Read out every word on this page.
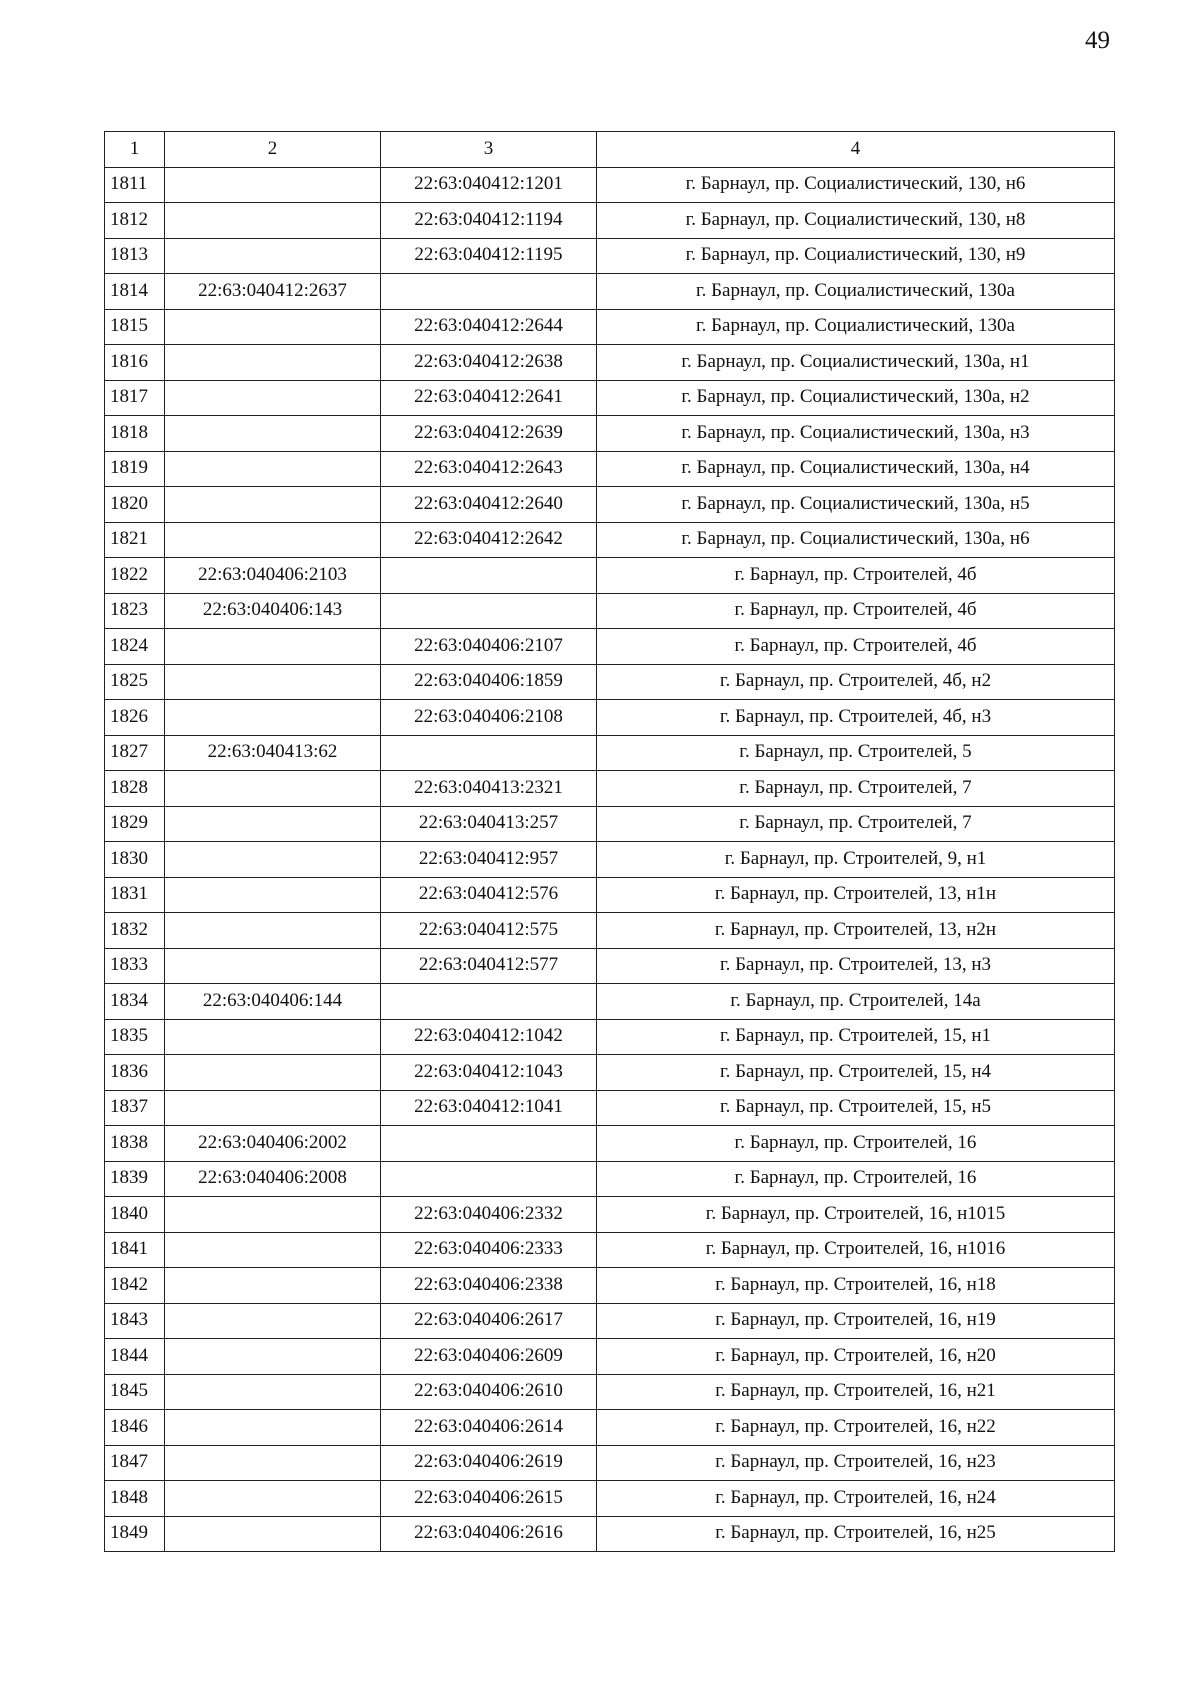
49
1	2	3	4
1811		22:63:040412:1201	г. Барнаул, пр. Социалистический, 130, н6
1812		22:63:040412:1194	г. Барнаул, пр. Социалистический, 130, н8
1813		22:63:040412:1195	г. Барнаул, пр. Социалистический, 130, н9
1814	22:63:040412:2637		г. Барнаул, пр. Социалистический, 130а
1815		22:63:040412:2644	г. Барнаул, пр. Социалистический, 130а
1816		22:63:040412:2638	г. Барнаул, пр. Социалистический, 130а, н1
1817		22:63:040412:2641	г. Барнаул, пр. Социалистический, 130а, н2
1818		22:63:040412:2639	г. Барнаул, пр. Социалистический, 130а, н3
1819		22:63:040412:2643	г. Барнаул, пр. Социалистический, 130а, н4
1820		22:63:040412:2640	г. Барнаул, пр. Социалистический, 130а, н5
1821		22:63:040412:2642	г. Барнаул, пр. Социалистический, 130а, н6
1822	22:63:040406:2103		г. Барнаул, пр. Строителей, 4б
1823	22:63:040406:143		г. Барнаул, пр. Строителей, 4б
1824		22:63:040406:2107	г. Барнаул, пр. Строителей, 4б
1825		22:63:040406:1859	г. Барнаул, пр. Строителей, 4б, н2
1826		22:63:040406:2108	г. Барнаул, пр. Строителей, 4б, н3
1827	22:63:040413:62		г. Барнаул, пр. Строителей, 5
1828		22:63:040413:2321	г. Барнаул, пр. Строителей, 7
1829		22:63:040413:257	г. Барнаул, пр. Строителей, 7
1830		22:63:040412:957	г. Барнаул, пр. Строителей, 9, н1
1831		22:63:040412:576	г. Барнаул, пр. Строителей, 13, н1н
1832		22:63:040412:575	г. Барнаул, пр. Строителей, 13, н2н
1833		22:63:040412:577	г. Барнаул, пр. Строителей, 13, н3
1834	22:63:040406:144		г. Барнаул, пр. Строителей, 14а
1835		22:63:040412:1042	г. Барнаул, пр. Строителей, 15, н1
1836		22:63:040412:1043	г. Барнаул, пр. Строителей, 15, н4
1837		22:63:040412:1041	г. Барнаул, пр. Строителей, 15, н5
1838	22:63:040406:2002		г. Барнаул, пр. Строителей, 16
1839	22:63:040406:2008		г. Барнаул, пр. Строителей, 16
1840		22:63:040406:2332	г. Барнаул, пр. Строителей, 16, н1015
1841		22:63:040406:2333	г. Барнаул, пр. Строителей, 16, н1016
1842		22:63:040406:2338	г. Барнаул, пр. Строителей, 16, н18
1843		22:63:040406:2617	г. Барнаул, пр. Строителей, 16, н19
1844		22:63:040406:2609	г. Барнаул, пр. Строителей, 16, н20
1845		22:63:040406:2610	г. Барнаул, пр. Строителей, 16, н21
1846		22:63:040406:2614	г. Барнаул, пр. Строителей, 16, н22
1847		22:63:040406:2619	г. Барнаул, пр. Строителей, 16, н23
1848		22:63:040406:2615	г. Барнаул, пр. Строителей, 16, н24
1849		22:63:040406:2616	г. Барнаул, пр. Строителей, 16, н25
